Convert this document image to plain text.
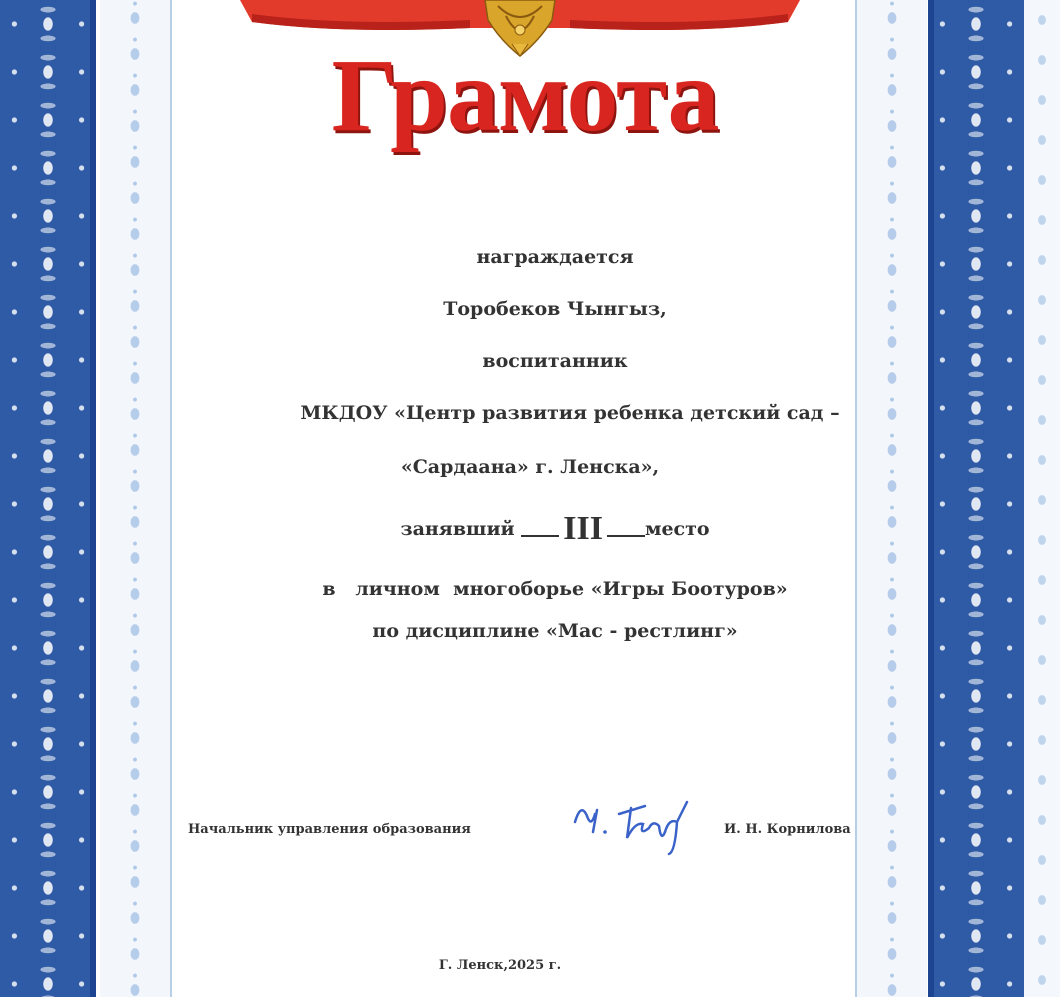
Грамота
награждается
Торобеков Чынгыз,
воспитанник
МКДОУ «Центр развития ребенка детский сад –
«Сардаана» г. Ленска»,
занявший III место
в   личном  многоборье «Игры Боотуров»
по дисциплине «Мас - рестлинг»
Начальник управления образования	И. Н. Корнилова
Г. Ленск,2025 г.
